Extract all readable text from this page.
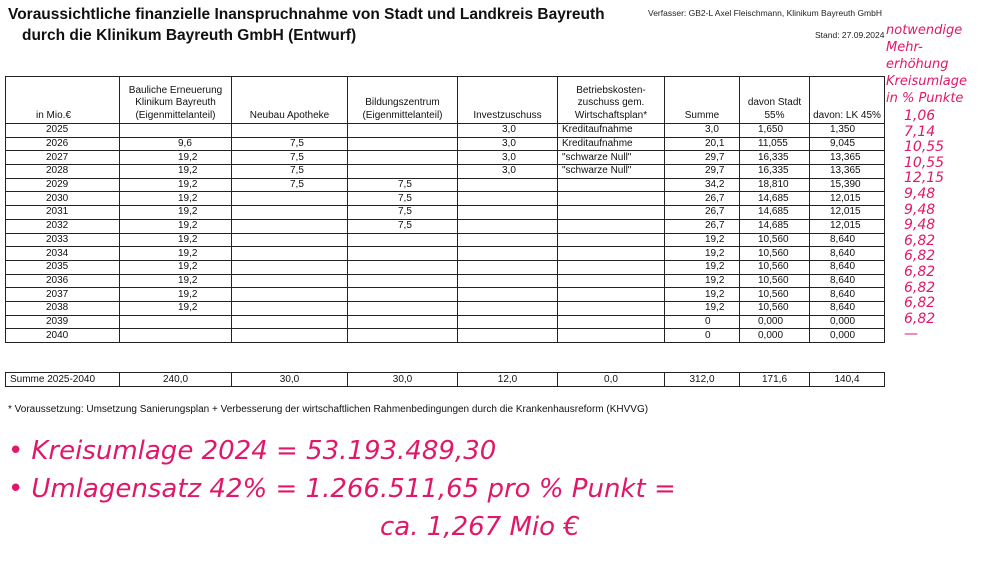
Voraussichtliche finanzielle Inanspruchnahme von Stadt und Landkreis Bayreuth
durch die Klinikum Bayreuth GmbH (Entwurf)
Verfasser: GB2-L Axel Fleischmann, Klinikum Bayreuth GmbH
Stand: 27.09.2024
in Mio.€	Bauliche Erneuerung Klinikum Bayreuth (Eigenmittelanteil)	Neubau Apotheke	Bildungszentrum (Eigenmittelanteil)	Investzuschuss	Betriebskosten-zuschuss gem. Wirtschaftsplan*	Summe	davon Stadt 55%	davon: LK 45%
2025				3,0	Kreditaufnahme	3,0	1,650	1,350
2026	9,6	7,5		3,0	Kreditaufnahme	20,1	11,055	9,045
2027	19,2	7,5		3,0	"schwarze Null"	29,7	16,335	13,365
2028	19,2	7,5		3,0	"schwarze Null"	29,7	16,335	13,365
2029	19,2	7,5	7,5			34,2	18,810	15,390
2030	19,2		7,5			26,7	14,685	12,015
2031	19,2		7,5			26,7	14,685	12,015
2032	19,2		7,5			26,7	14,685	12,015
2033	19,2					19,2	10,560	8,640
2034	19,2					19,2	10,560	8,640
2035	19,2					19,2	10,560	8,640
2036	19,2					19,2	10,560	8,640
2037	19,2					19,2	10,560	8,640
2038	19,2					19,2	10,560	8,640
2039						0	0,000	0,000
2040						0	0,000	0,000
Summe 2025-2040	240,0	30,0	30,0	12,0	0,0	312,0	171,6	140,4
* Voraussetzung: Umsetzung Sanierungsplan + Verbesserung der wirtschaftlichen Rahmenbedingungen durch die Krankenhausreform (KHVVG)
notwendige
Mehr-
erhöhung
Kreisumlage
in % Punkte
1,06
7,14
10,55
10,55
12,15
9,48
9,48
9,48
6,82
6,82
6,82
6,82
6,82
6,82
—
• Kreisumlage 2024 = 53.193.489,30
• Umlagensatz 42% = 1.266.511,65 pro % Punkt =
ca. 1,267 Mio €
